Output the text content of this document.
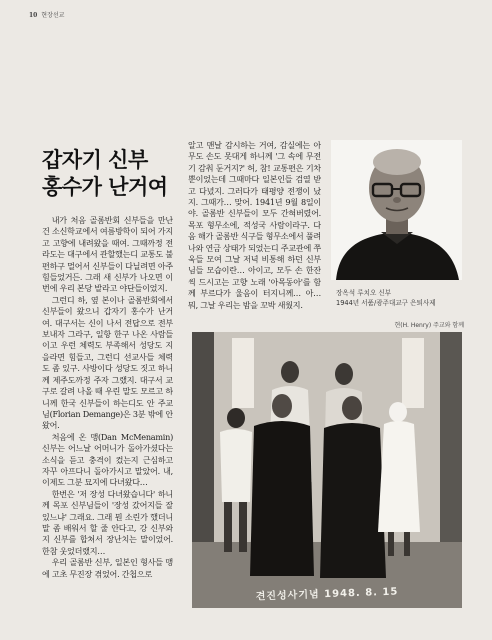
10 현장선교
갑자기 신부
홍수가 난거여

내가 처음 골롬반회 신부들을 만난 건 소신학교에서 여름방학이 되어 가지고 고향에 내려왔을 때여. 그때까정 전라도는 대구에서 관할했는디 교통도 불편하구 멀어서 신부들이 다닐려면 아주 힘들었거든. 그래 새 신부가 나오면 이번에 우리 본당 발라고 야단들이었지.

그런디 하, 옆 본이나 골롬반회에서 신부들이 왔으니 갑자기 홍수가 난거여. 대구서는 신이 나서 전답으로 전부 보내자 그라구, 일항 한구 나온 사람들이고 우런 체력도 부족해서 성당도 지을라면 힘들고, 그런디 선교사들 체력도 좀 있구. 사방이다 성당도 짓고 하니께 제주도까정 주자 그랬지. 대구서 교구로 갈려 나올 때 우린 말도 모르고 하니께 한국 신부들이 하는디도 안 주교님(Florian Demange)은 3분 밖에 안 왔어.

처음에 온 맹(Dan McMenamin) 신부는 어느날 어머니가 돌아가셨다는 소식을 듣고 충격이 컸는지 근심하고 자꾸 아프다니 돌아가시고 말았어. 내, 이제도 그분 묘지에 다녀왔다…

한번은 '저 장성 다녀왔습니다' 하니께 목포 신부님들이 '장성 갔어지들 잘 있느냐' 그래요. 그래 뭔 소린가 했더니 말 좀 배워서 할 줄 안다고, 강 신부와 지 신부를 합쳐서 장난치는 말이었어. 한참 웃었더랬지…

우리 골롬반 신부, 일본인 형사들 맹에 고초 무진장 겪었어. 간첩으로

알고 맨날 감시하는 거여, 감실에는 아무도 손도 못대게 하니께 '그 속에 무전기 감춰 둔거지?' 허, 참! 교통편은 기차뿐이었는데 그때마다 일본인들 검열 받고 다녔지. 그러다가 태평양 전쟁이 났지. 그때가… 맞어. 1941년 9월 8일이야. 골롬반 신부들이 모두 간혀버렸어. 목포 형무소에, 적성국 사람이라구. 다음 해가 골롬반 식구들 형무소에서 풀려나와 연금 상태가 되었는디 주교관에 쭈욱들 모여 그날 저녁 비통해 하던 신부님들 모습이란… 아이고, 모두 손 한잔씩 드시고는 고향 노래 '아목동아'를 함께 부르다가 울음이 터지니께… 아… 뭐, 그날 우리는 밤을 꼬박 새웠지.

장옥석 루치오 신부
1944년 서품/광주대교구 은퇴사제
현(H. Henry) 주교와 함께
견진성사기념 1948. 8. 15
